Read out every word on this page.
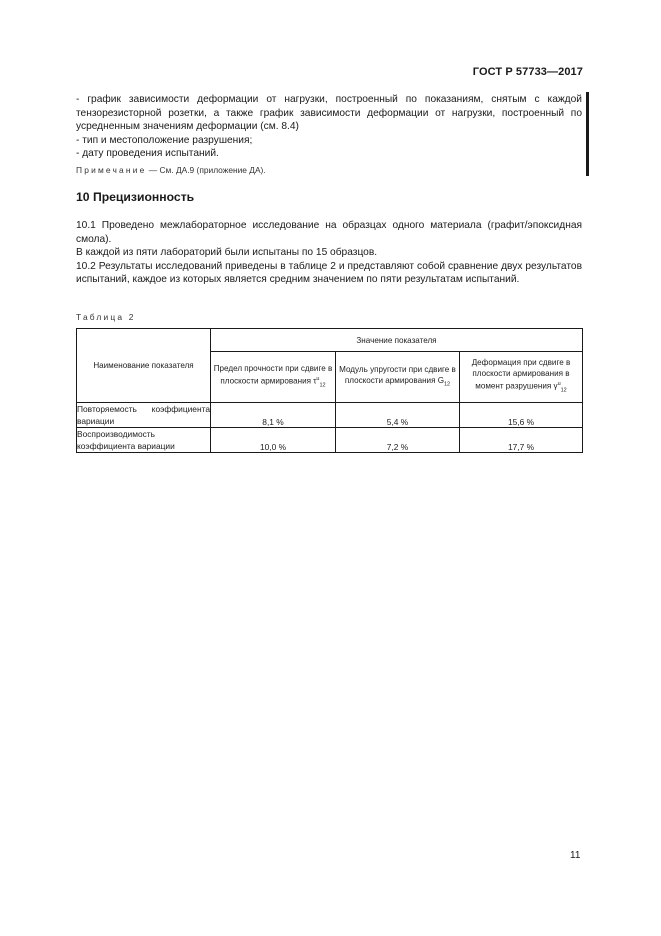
ГОСТ Р 57733—2017

- график зависимости деформации от нагрузки, построенный по показаниям, снятым с каждой тензорезисторной розетки, а также график зависимости деформации от нагрузки, построенный по усредненным значениям деформации (см. 8.4)

- тип и местоположение разрушения;

- дату проведения испытаний.

Примечание — См. ДА.9 (приложение ДА).
10 Прецизионность

10.1 Проведено межлабораторное исследование на образцах одного материала (графит/эпоксидная смола).

В каждой из пяти лабораторий были испытаны по 15 образцов.

10.2 Результаты исследований приведены в таблице 2 и представляют собой сравнение двух результатов испытаний, каждое из которых является средним значением по пяти результатам испытаний.

Таблица 2
Наименование показателя	Значение показателя		
	Предел прочности при сдвиге в плоскости армирования $\tau^u_{12}$	Модуль упругости при сдвиге в плоскости армирования $G_{12}$	Деформация при сдвиге в плоскости армирования в момент разрушения $\gamma^u_{12}$
Повторяемость коэффициента вариации	8,1 %	5,4 %	15,6 %
Воспроизводимость коэффициента вариации	10,0 %	7,2 %	17,7 %
11
